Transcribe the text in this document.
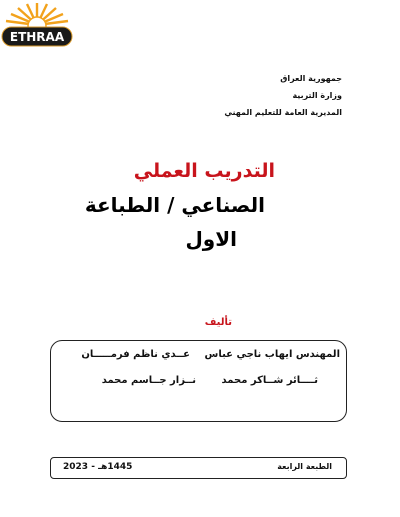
ETHRAA
جمهورية العراق
وزارة التربية
المديرية العامة للتعليم المهني
التدريب العملي
الصناعي / الطباعة
الاول
تأليف
المهندس ايهاب ناجي عباس
عــدي ناظم فرمـــــان
ثــــائر شــاكر محمد
نــزار جــاسم محمد
الطبعة الرابعة
1445هـ - 2023
